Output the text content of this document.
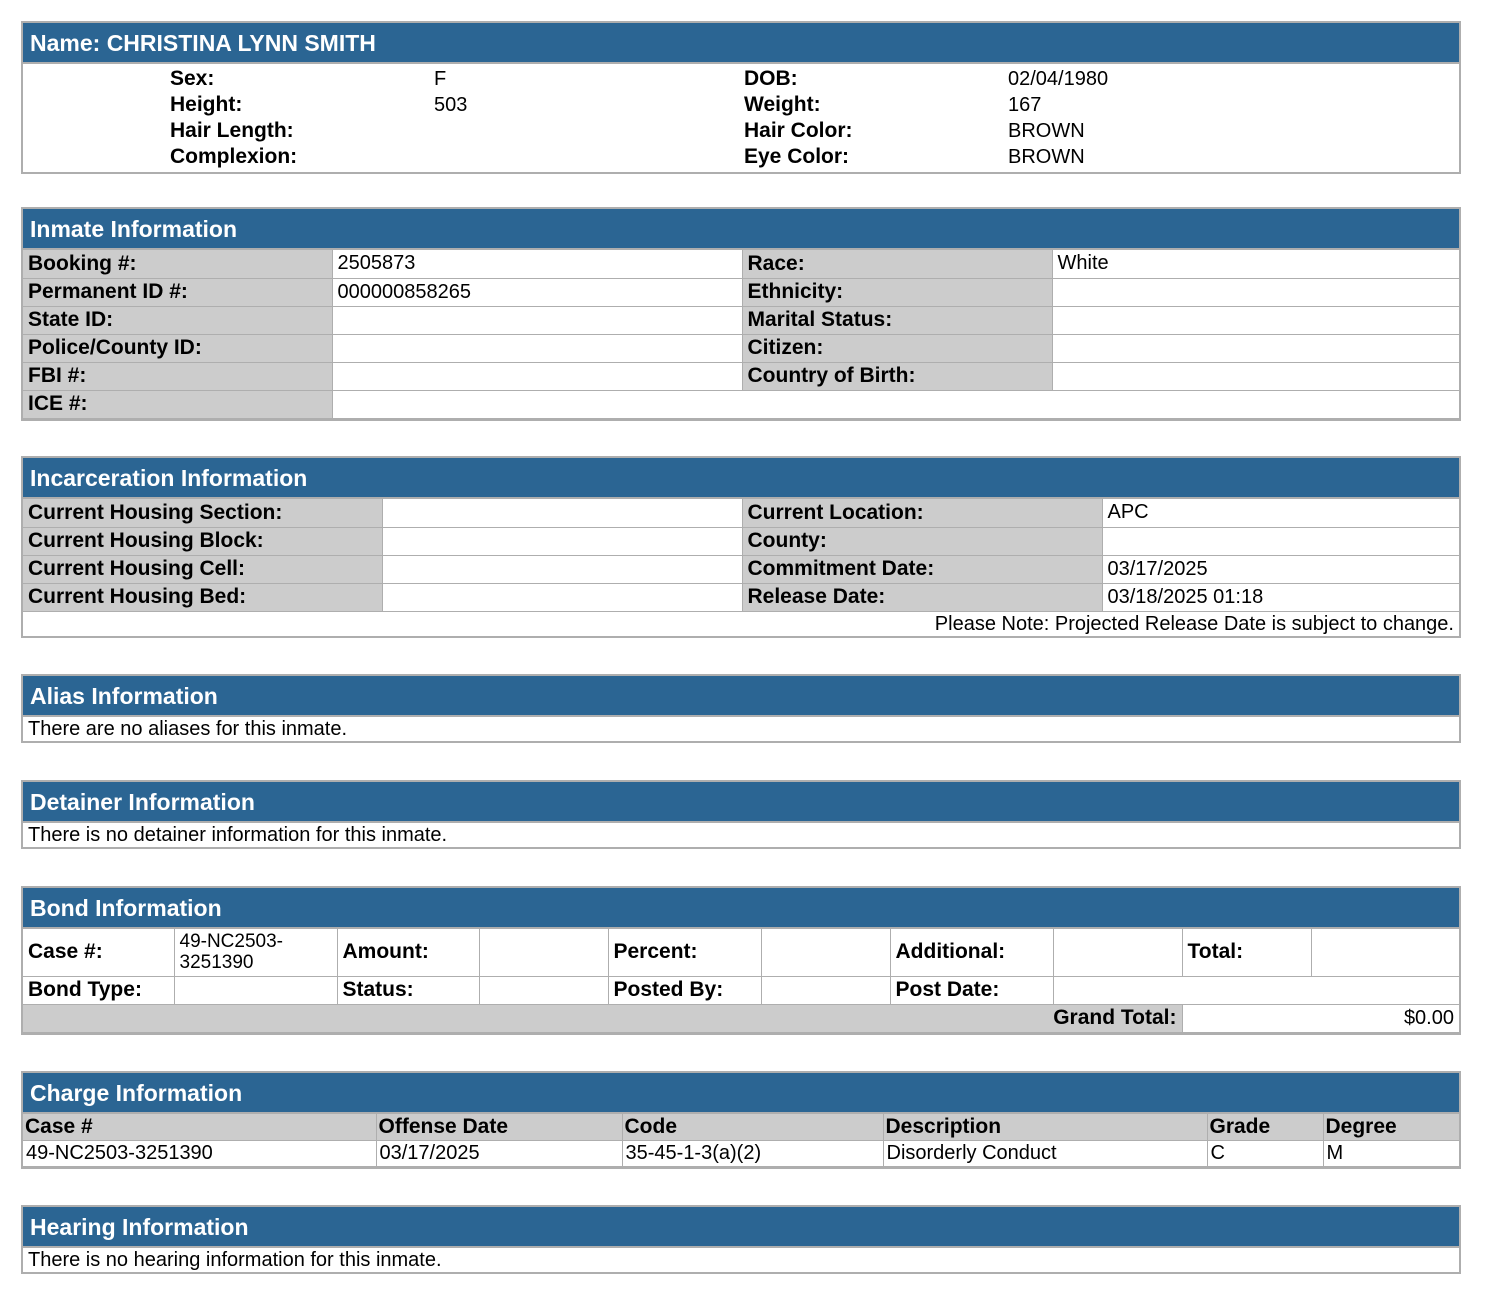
Name: CHRISTINA LYNN SMITH
	Sex:	F	DOB:	02/04/1980
	Height:	503	Weight:	167
	Hair Length:		Hair Color:	BROWN
	Complexion:		Eye Color:	BROWN
Inmate Information
Booking #:	2505873	Race:	White
Permanent ID #:	000000858265	Ethnicity:	
State ID:		Marital Status:	
Police/County ID:		Citizen:	
FBI #:		Country of Birth:	
ICE #:			
Incarceration Information
Current Housing Section:		Current Location:	APC
Current Housing Block:		County:	
Current Housing Cell:		Commitment Date:	03/17/2025
Current Housing Bed:		Release Date:	03/18/2025 01:18
Please Note: Projected Release Date is subject to change.
Alias Information
There are no aliases for this inmate.
Detainer Information
There is no detainer information for this inmate.
Bond Information
Case #:	49-NC2503-3251390	Amount:		Percent:		Additional:		Total:	
Bond Type:		Status:		Posted By:		Post Date:			
Grand Total:								$0.00	
Charge Information
Case #	Offense Date	Code	Description	Grade	Degree
49-NC2503-3251390	03/17/2025	35-45-1-3(a)(2)	Disorderly Conduct	C	M
Hearing Information
There is no hearing information for this inmate.
